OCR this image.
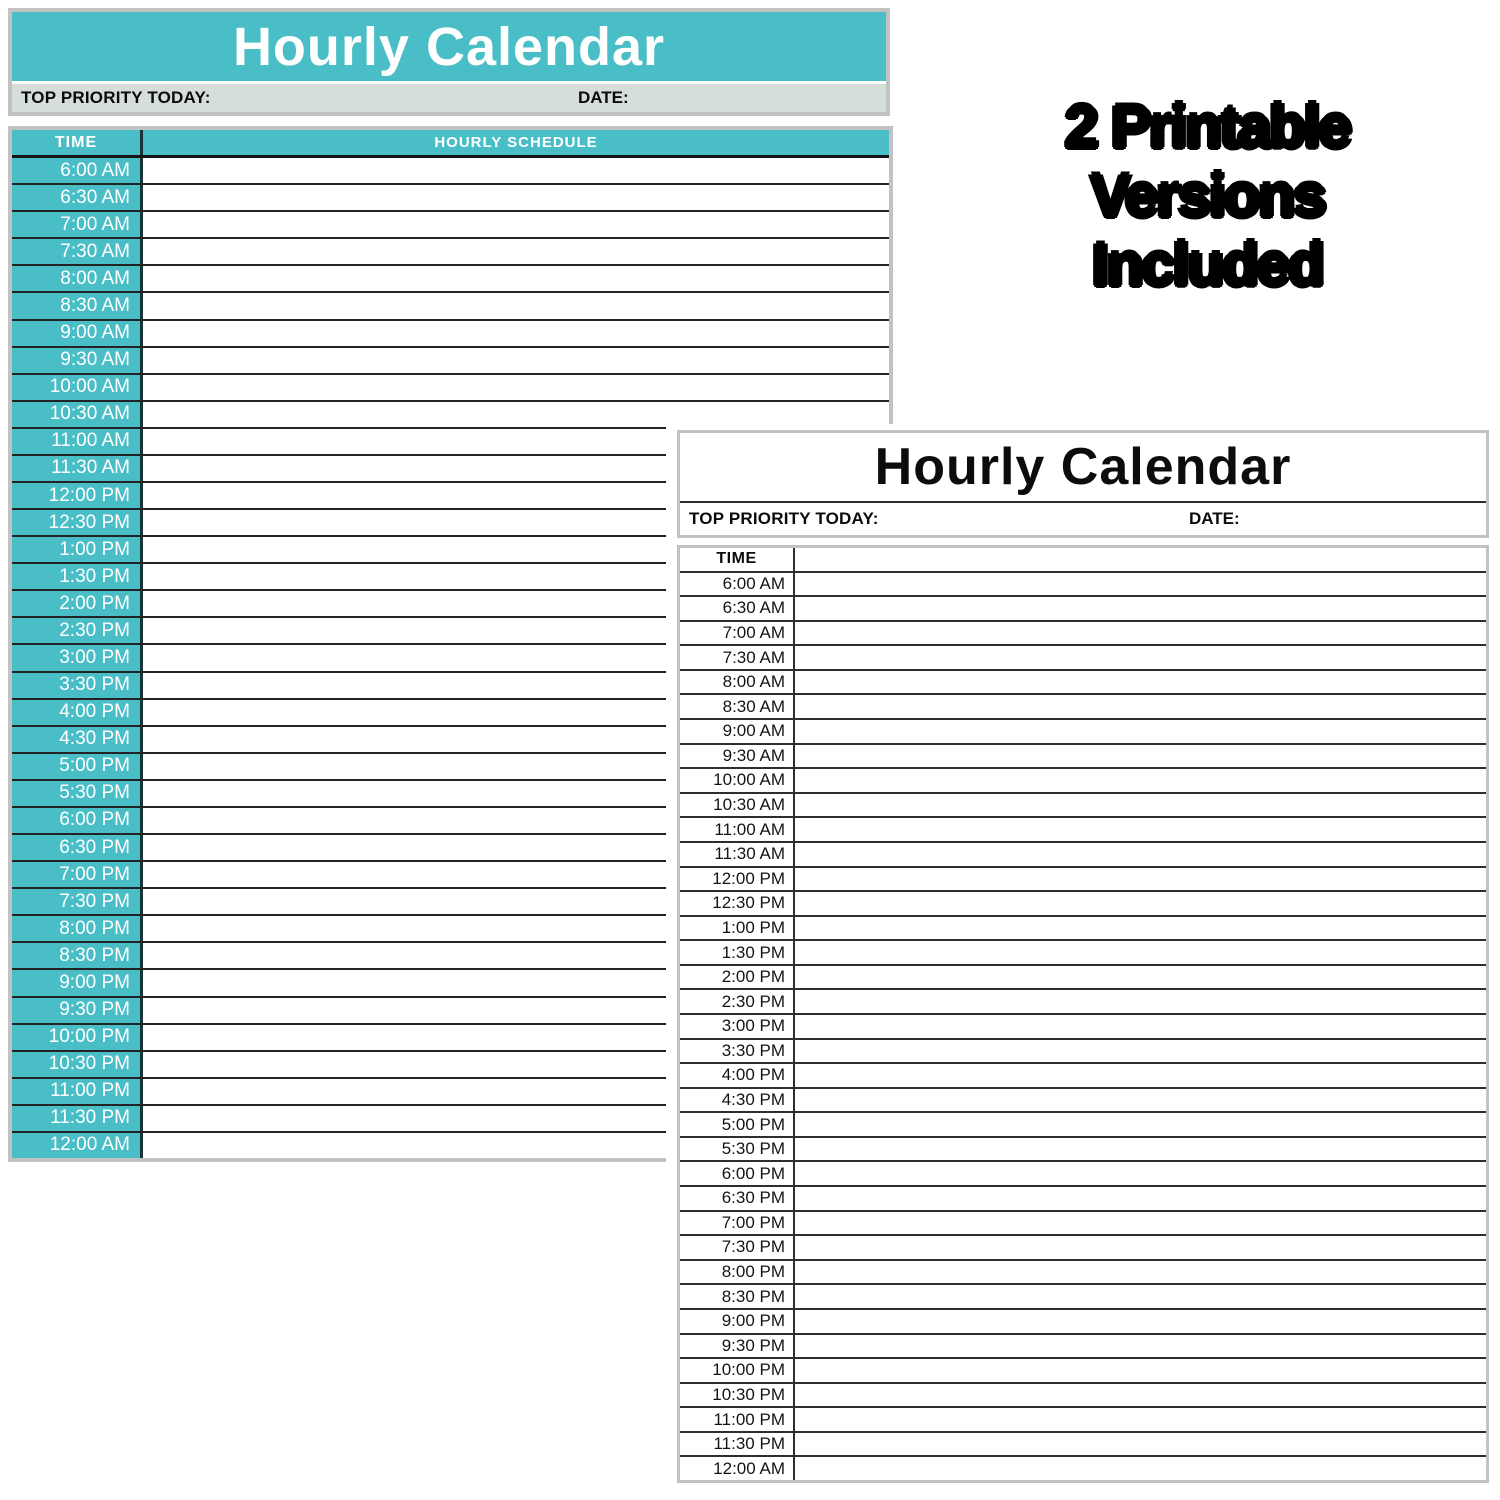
Hourly Calendar
TOP PRIORITY TODAY:	DATE:
TIME	HOURLY SCHEDULE
6:00 AM
6:30 AM
7:00 AM
7:30 AM
8:00 AM
8:30 AM
9:00 AM
9:30 AM
10:00 AM
10:30 AM
11:00 AM
11:30 AM
12:00 PM
12:30 PM
1:00 PM
1:30 PM
2:00 PM
2:30 PM
3:00 PM
3:30 PM
4:00 PM
4:30 PM
5:00 PM
5:30 PM
6:00 PM
6:30 PM
7:00 PM
7:30 PM
8:00 PM
8:30 PM
9:00 PM
9:30 PM
10:00 PM
10:30 PM
11:00 PM
11:30 PM
12:00 AM
2 Printable
Versions
Included
Hourly Calendar
TOP PRIORITY TODAY:	DATE:
TIME
6:00 AM
6:30 AM
7:00 AM
7:30 AM
8:00 AM
8:30 AM
9:00 AM
9:30 AM
10:00 AM
10:30 AM
11:00 AM
11:30 AM
12:00 PM
12:30 PM
1:00 PM
1:30 PM
2:00 PM
2:30 PM
3:00 PM
3:30 PM
4:00 PM
4:30 PM
5:00 PM
5:30 PM
6:00 PM
6:30 PM
7:00 PM
7:30 PM
8:00 PM
8:30 PM
9:00 PM
9:30 PM
10:00 PM
10:30 PM
11:00 PM
11:30 PM
12:00 AM
